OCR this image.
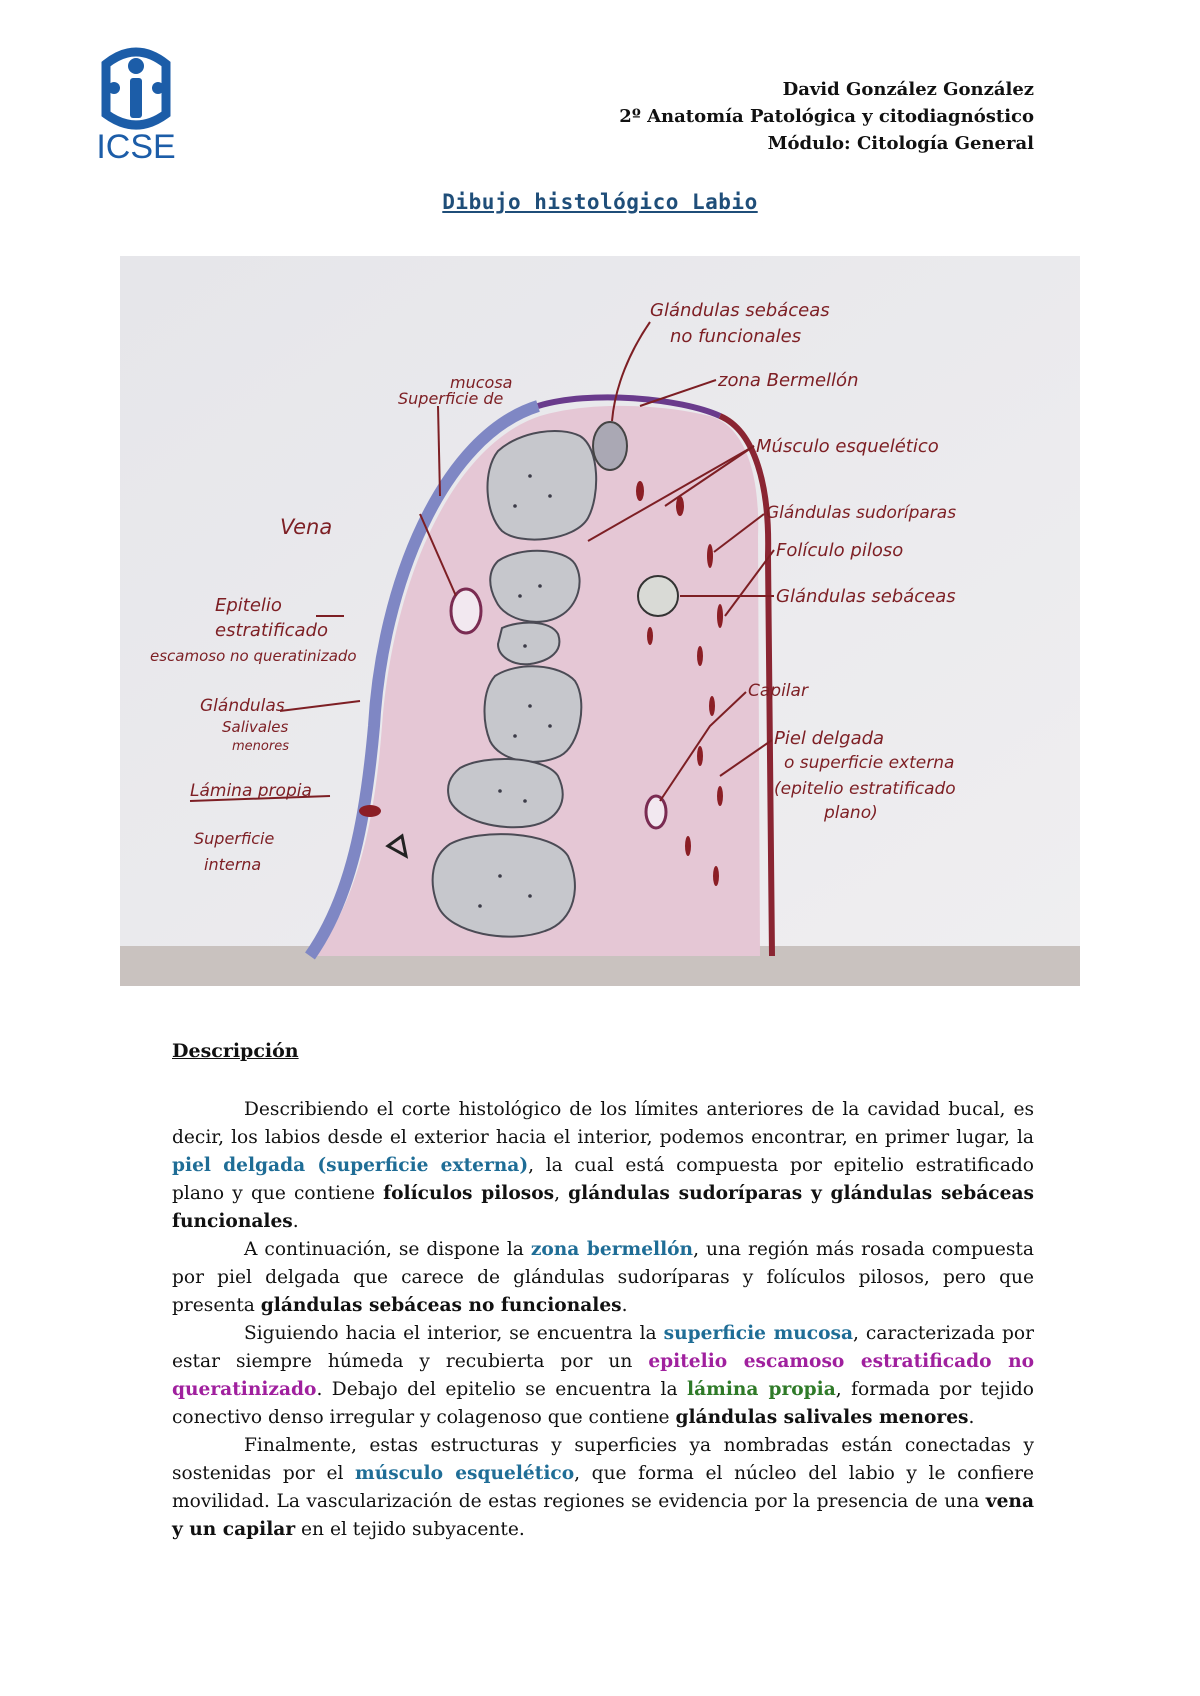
ICSE
David González González
2º Anatomía Patológica y citodiagnóstico
Módulo: Citología General
Dibujo histológico Labio
Glándulas sebáceas
no funcionales
zona Bermellón
Músculo esquelético
Glándulas sudoríparas
Folículo piloso
Glándulas sebáceas
Capilar
Piel delgada
o superficie externa
(epitelio estratificado
plano)
Superficie de
mucosa
Vena
Epitelio
estratificado
escamoso no queratinizado
Glándulas
Salivales
menores
Lámina propia
Superficie
interna
Descripción

Describiendo el corte histológico de los límites anteriores de la cavidad bucal, es decir, los labios desde el exterior hacia el interior, podemos encontrar, en primer lugar, la piel delgada (superficie externa), la cual está compuesta por epitelio estratificado plano y que contiene folículos pilosos, glándulas sudoríparas y glándulas sebáceas funcionales.

A continuación, se dispone la zona bermellón, una región más rosada compuesta por piel delgada que carece de glándulas sudoríparas y folículos pilosos, pero que presenta glándulas sebáceas no funcionales.

Siguiendo hacia el interior, se encuentra la superficie mucosa, caracterizada por estar siempre húmeda y recubierta por un epitelio escamoso estratificado no queratinizado. Debajo del epitelio se encuentra la lámina propia, formada por tejido conectivo denso irregular y colagenoso que contiene glándulas salivales menores.

Finalmente, estas estructuras y superficies ya nombradas están conectadas y sostenidas por el músculo esquelético, que forma el núcleo del labio y le confiere movilidad. La vascularización de estas regiones se evidencia por la presencia de una vena y un capilar en el tejido subyacente.
